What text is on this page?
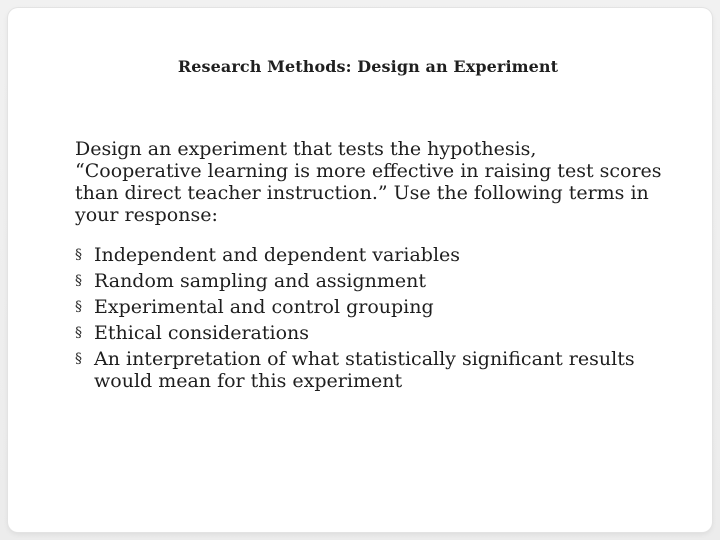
Research Methods: Design an Experiment

Design an experiment that tests the hypothesis, “Cooperative learning is more effective in raising test scores than direct teacher instruction.” Use the following terms in your response:

§ Independent and dependent variables
§ Random sampling and assignment
§ Experimental and control grouping
§ Ethical considerations
§ An interpretation of what statistically significant results would mean for this experiment
